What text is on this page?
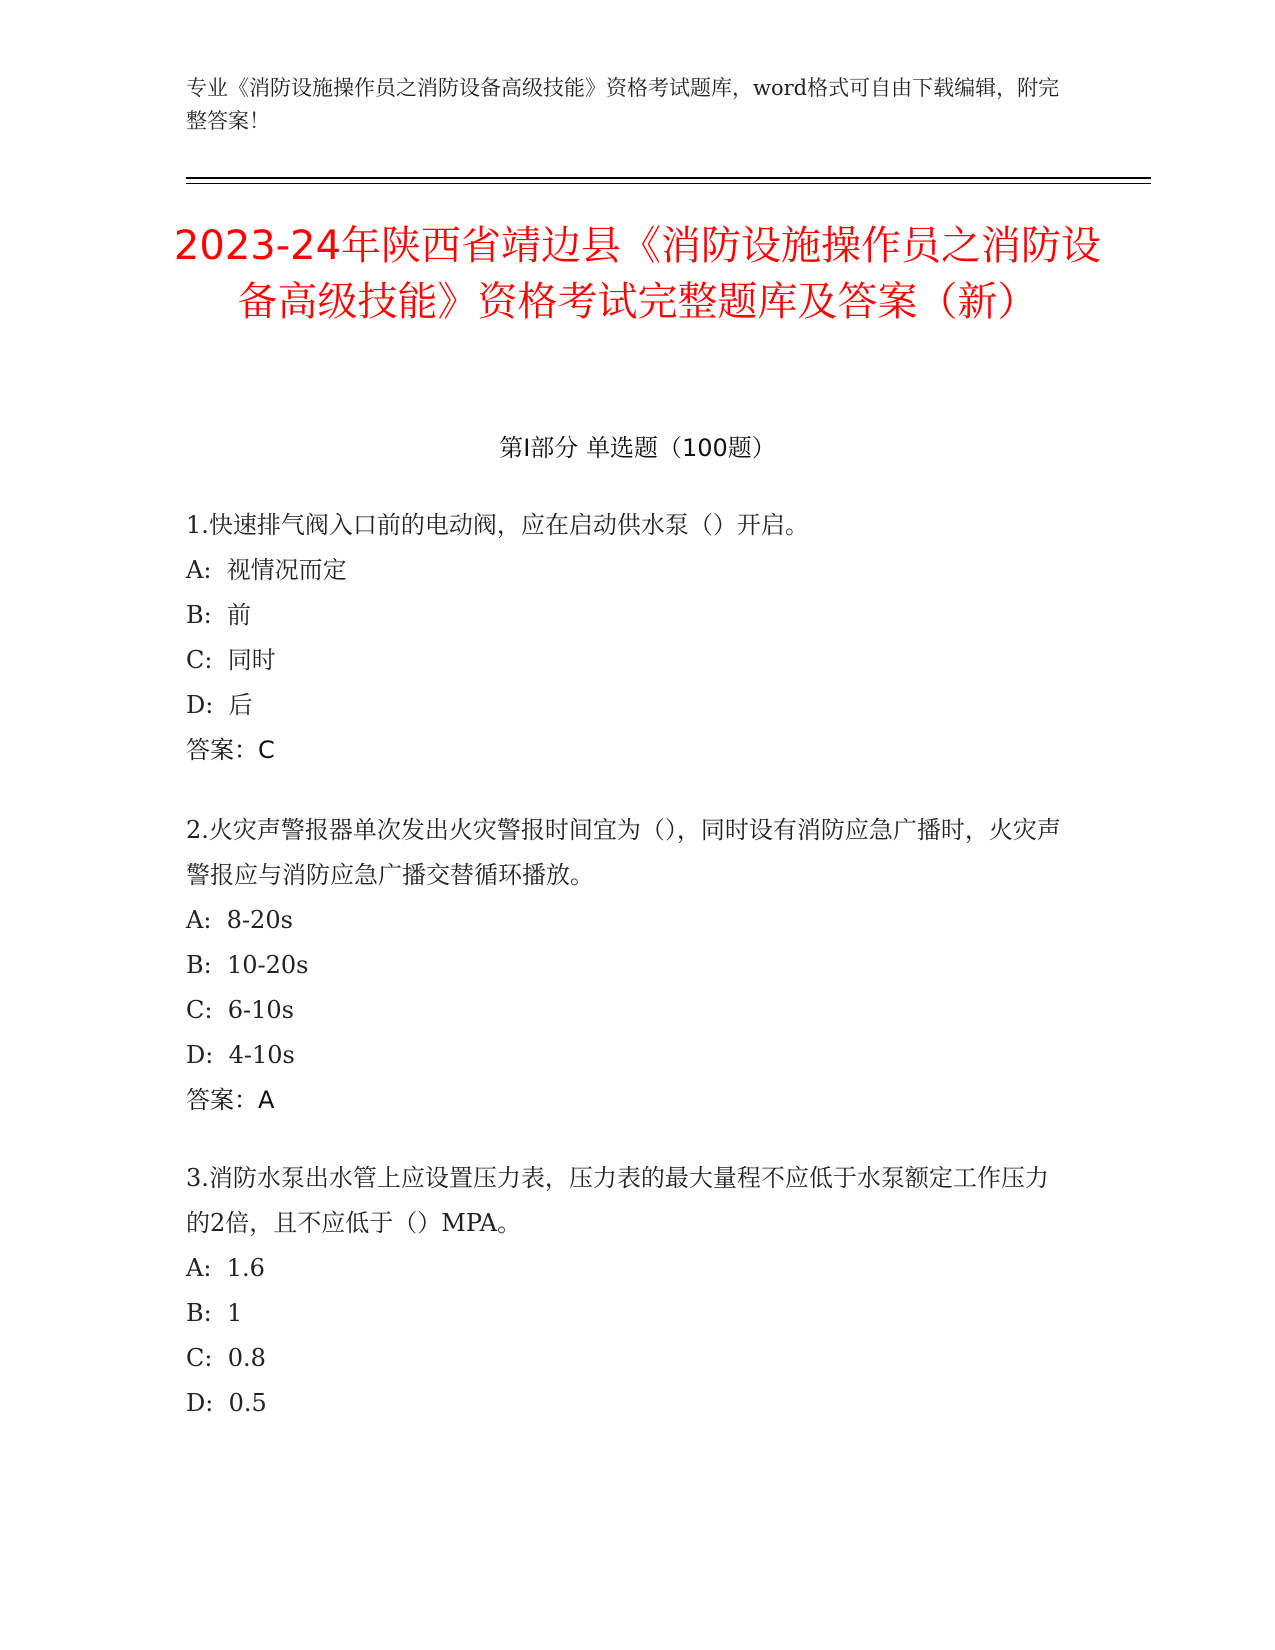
专业《消防设施操作员之消防设备高级技能》资格考试题库，word格式可自由下载编辑，附完整答案！
2023-24年陕西省靖边县《消防设施操作员之消防设备高级技能》资格考试完整题库及答案（新）
第I部分 单选题（100题）
1.快速排气阀入口前的电动阀，应在启动供水泵（）开启。
A:  视情况而定
B:  前
C:  同时
D:  后
答案：C
2.火灾声警报器单次发出火灾警报时间宜为（），同时设有消防应急广播时，火灾声警报应与消防应急广播交替循环播放。
A:  8-20s
B:  10-20s
C:  6-10s
D:  4-10s
答案：A
3.消防水泵出水管上应设置压力表，压力表的最大量程不应低于水泵额定工作压力的2倍，且不应低于（）MPA。
A:  1.6
B:  1
C:  0.8
D:  0.5
